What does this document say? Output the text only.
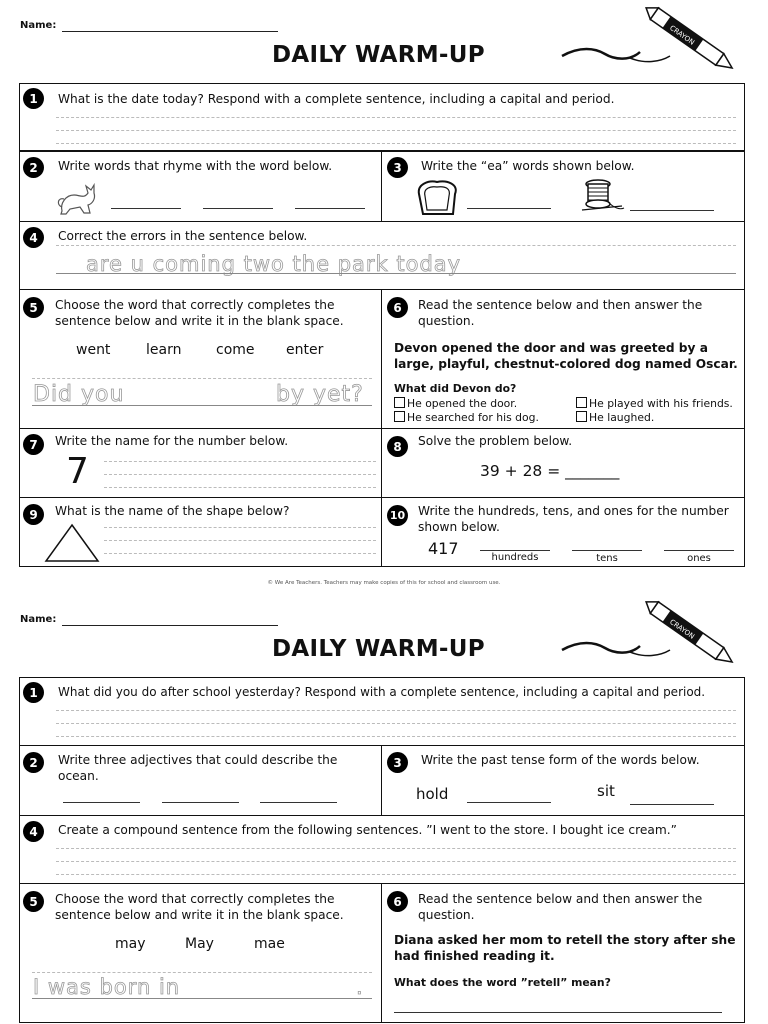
Name:
DAILY WARM-UP
CRAYON
1	What is the date today? Respond with a complete sentence, including a capital and period.
2	Write words that rhyme with the word below.	3	Write the “ea” words shown below.
4	Correct the errors in the sentence below.
are u coming two the park today
5	Choose the word that correctly completes the sentence below and write it in the blank space.
went	learn come enter
Did you	by yet?
6	Read the sentence below and then answer the question.
Devon opened the door and was greeted by a large, playful, chestnut-colored dog named Oscar.
What did Devon do?
He opened the door.
He searched for his dog.
He played with his friends.
He laughed.
7	Write the name for the number below.
7
8	Solve the problem below.
39 + 28 = _______
9	What is the name of the shape below?	10 Write the hundreds, tens, and ones for the number shown below.
417	hundreds	tens	ones
© We Are Teachers. Teachers may make copies of this for school and classroom use.
Name:
DAILY WARM-UP
CRAYON
1	What did you do after school yesterday? Respond with a complete sentence, including a capital and period.
2	Write three adjectives that could describe the ocean.
3	Write the past tense form of the words below.
hold	sit
4	Create a compound sentence from the following sentences. ”I went to the store. I bought ice cream.”
5	Choose the word that correctly completes the sentence below and write it in the blank space.
may	May	mae
I was born in	.
6	Read the sentence below and then answer the question.
Diana asked her mom to retell the story after she had finished reading it.
What does the word ”retell” mean?
